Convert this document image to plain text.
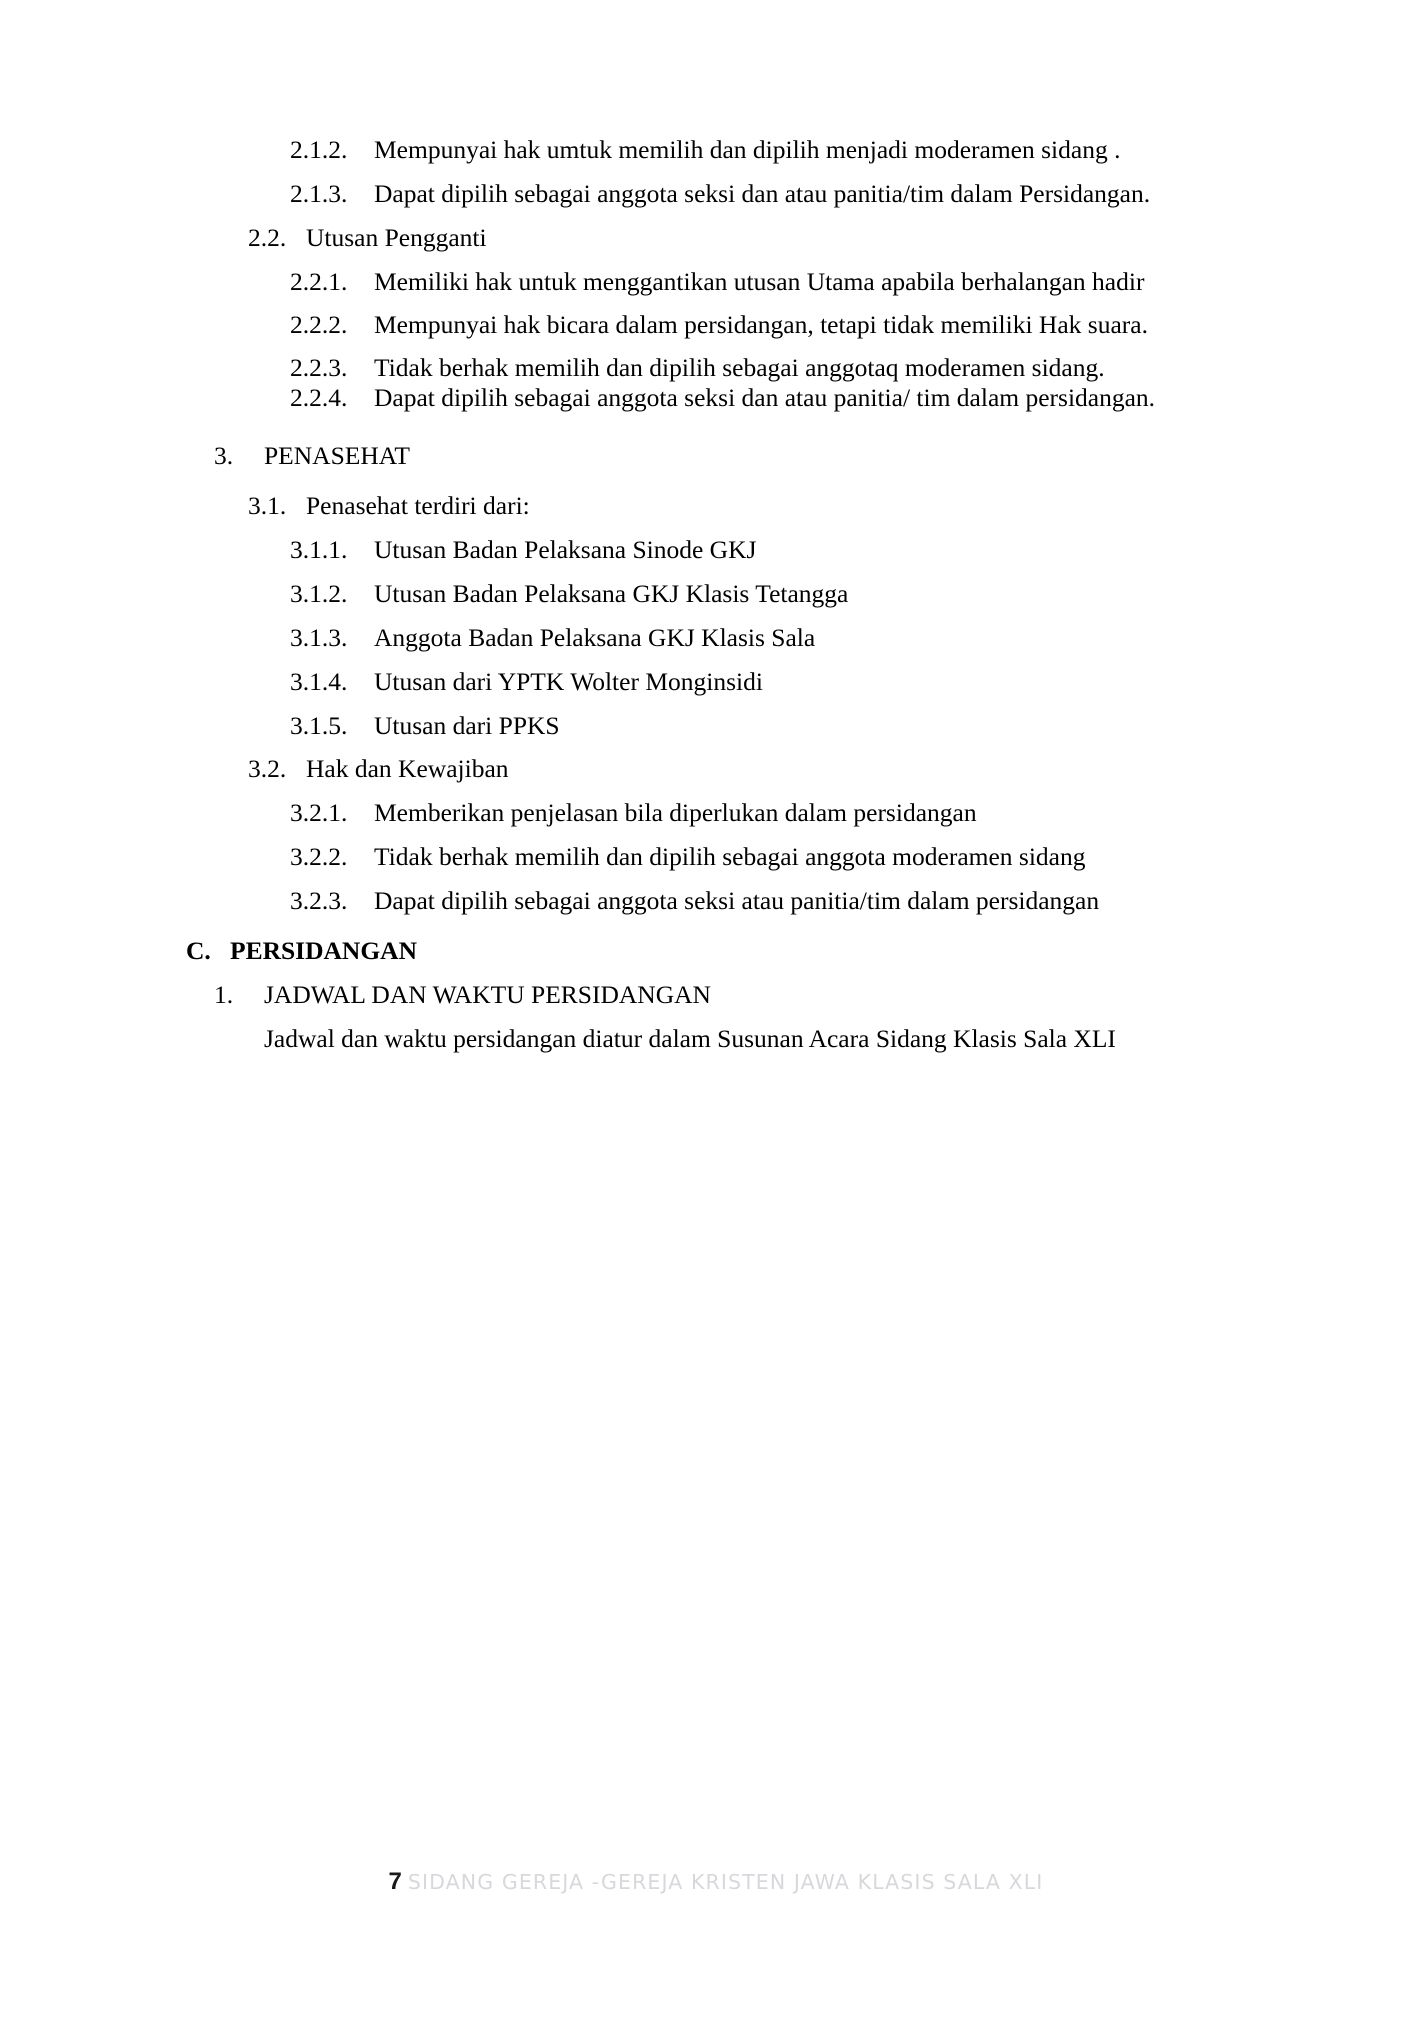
2.1.2.	Mempunyai hak umtuk memilih dan dipilih menjadi moderamen sidang .
2.1.3.	Dapat dipilih sebagai anggota seksi dan atau panitia/tim dalam Persidangan.
2.2. Utusan Pengganti
2.2.1.	Memiliki hak untuk menggantikan utusan Utama apabila berhalangan hadir
2.2.2.	Mempunyai hak bicara dalam persidangan, tetapi tidak memiliki Hak suara.
2.2.3.	Tidak berhak memilih dan dipilih sebagai anggotaq moderamen sidang.
2.2.4.	Dapat dipilih sebagai anggota seksi dan atau panitia/ tim dalam persidangan.
3.	PENASEHAT
3.1. Penasehat terdiri dari:
3.1.1.	Utusan Badan Pelaksana Sinode GKJ
3.1.2.	Utusan Badan Pelaksana GKJ Klasis Tetangga
3.1.3.	Anggota Badan Pelaksana GKJ Klasis Sala
3.1.4.	Utusan dari YPTK Wolter Monginsidi
3.1.5.	Utusan dari PPKS
3.2. Hak dan Kewajiban
3.2.1.	Memberikan penjelasan bila diperlukan dalam persidangan
3.2.2.	Tidak berhak memilih dan dipilih sebagai anggota moderamen sidang
3.2.3.	Dapat dipilih sebagai anggota seksi atau panitia/tim dalam persidangan
C. PERSIDANGAN
1.	JADWAL DAN WAKTU PERSIDANGAN
Jadwal dan waktu persidangan diatur dalam Susunan Acara Sidang Klasis Sala XLI
7 SIDANG GEREJA -GEREJA KRISTEN JAWA KLASIS SALA XLI
